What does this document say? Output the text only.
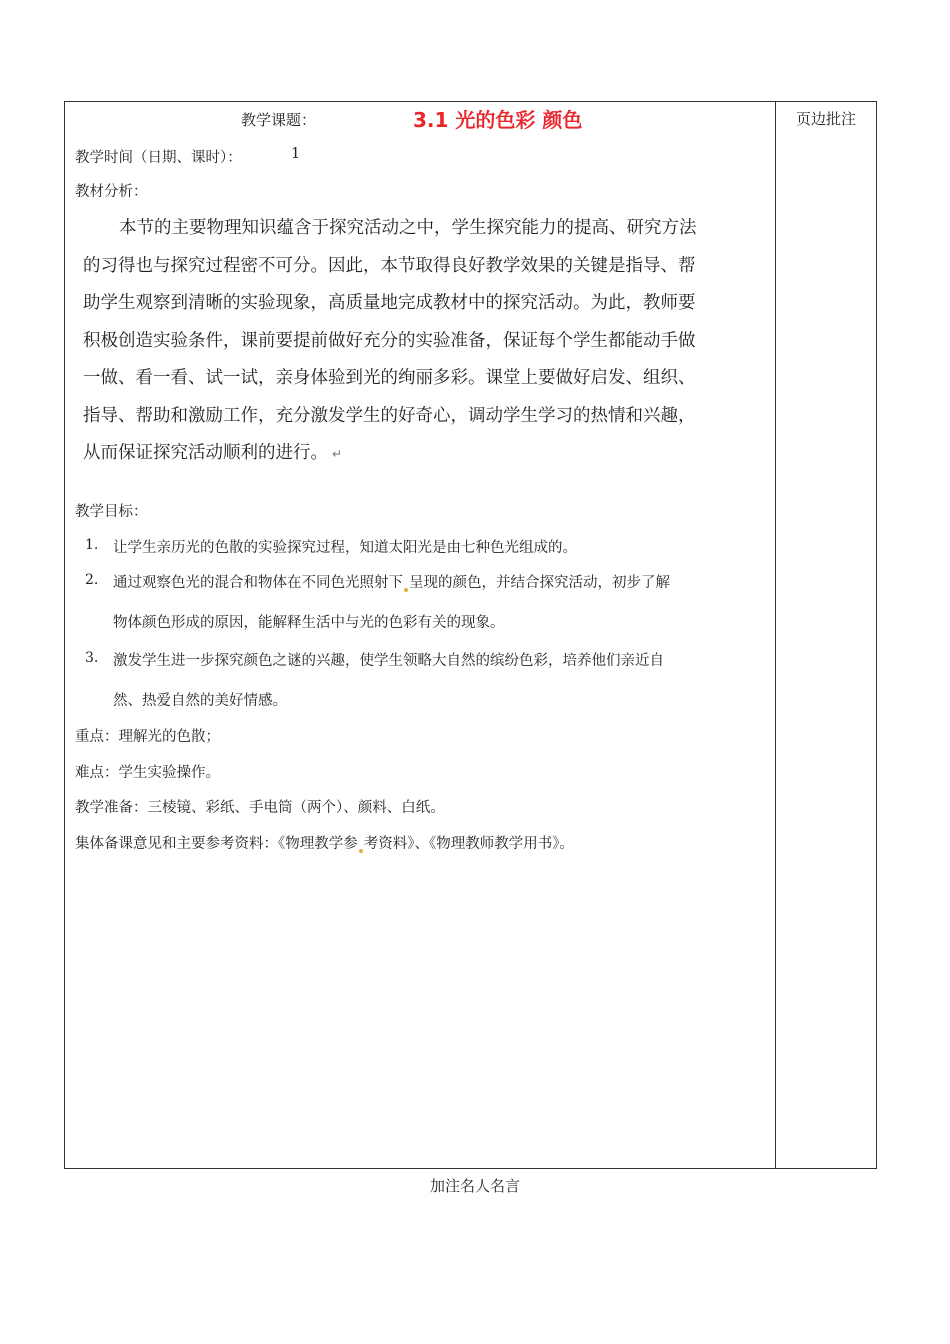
教学课题：	3.1 光的色彩 颜色
教学时间（日期、课时）：	1
教材分析：
本节的主要物理知识蕴含于探究活动之中，学生探究能力的提高、研究方法
的习得也与探究过程密不可分。因此，本节取得良好教学效果的关键是指导、帮
助学生观察到清晰的实验现象，高质量地完成教材中的探究活动。为此，教师要
积极创造实验条件，课前要提前做好充分的实验准备，保证每个学生都能动手做
一做、看一看、试一试，亲身体验到光的绚丽多彩。课堂上要做好启发、组织、
指导、帮助和激励工作，充分激发学生的好奇心，调动学生学习的热情和兴趣，
从而保证探究活动顺利的进行。 ↵
教学目标：
1. 让学生亲历光的色散的实验探究过程，知道太阳光是由七种色光组成的。
2. 通过观察色光的混合和物体在不同色光照射下 呈现的颜色，并结合探究活动，初步了解
物体颜色形成的原因，能解释生活中与光的色彩有关的现象。
3. 激发学生进一步探究颜色之谜的兴趣，使学生领略大自然的缤纷色彩，培养他们亲近自
然、热爱自然的美好情感。
重点：理解光的色散；
难点：学生实验操作。
教学准备：三棱镜、彩纸、手电筒（两个）、颜料、白纸。
集体备课意见和主要参考资料：《物理教学参 考资料》、《物理教师教学用书》。
页边批注
加注名人名言
